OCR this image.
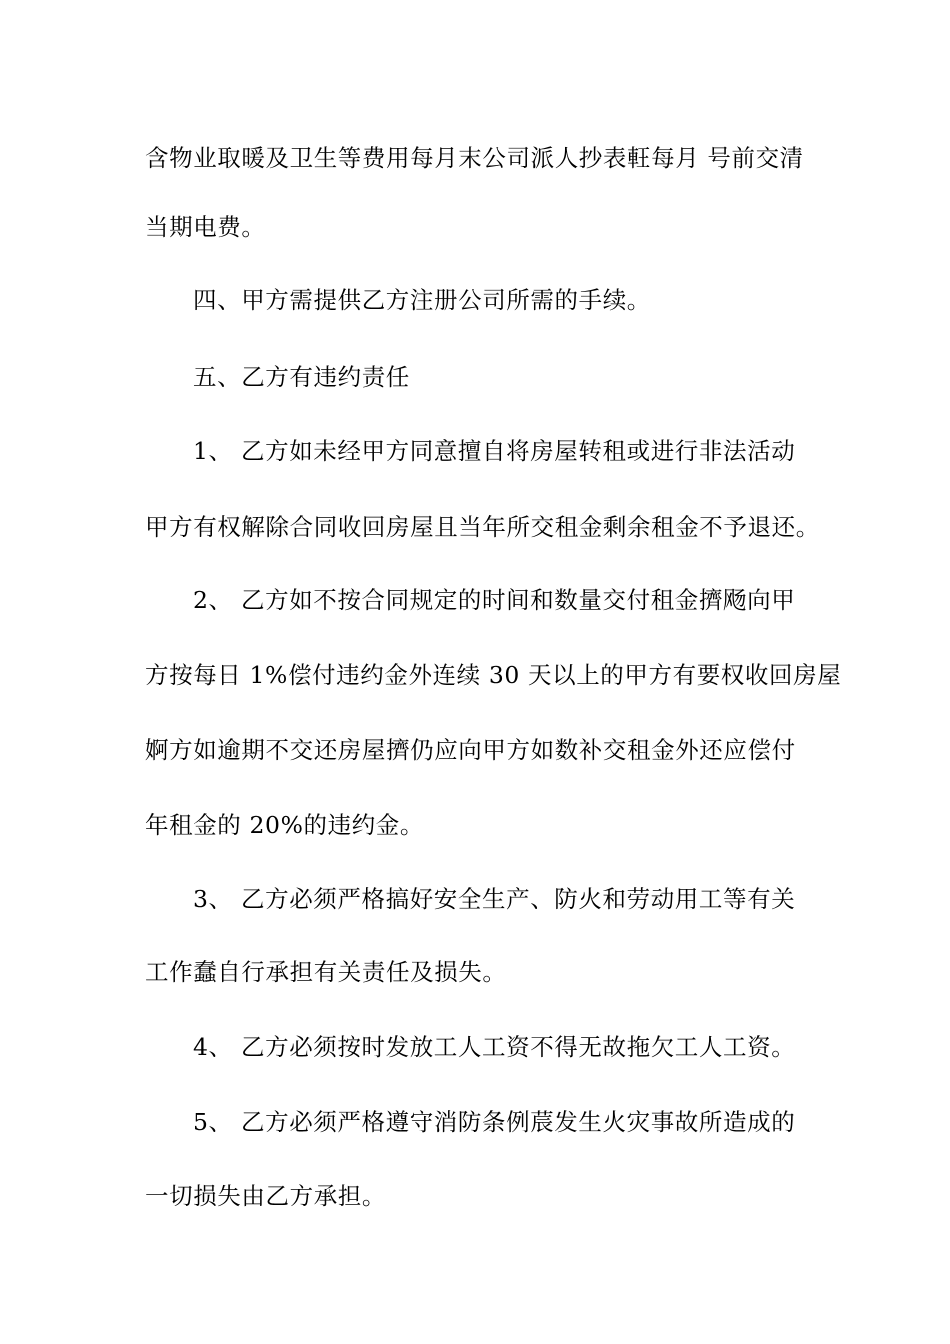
含物业取暖及卫生等费用每月末公司派人抄表軖每月 号前交清
当期电费。
四、甲方需提供乙方注册公司所需的手续。
五、乙方有违约责任
1、 乙方如未经甲方同意擅自将房屋转租或进行非法活动
甲方有权解除合同收回房屋且当年所交租金剩余租金不予退还。
2、 乙方如不按合同规定的时间和数量交付租金擠飏向甲
方按每日 1%偿付违约金外连续 30 天以上的甲方有要权收回房屋
婀方如逾期不交还房屋擠仍应向甲方如数补交租金外还应偿付
年租金的 20%的违约金。
3、 乙方必须严格搞好安全生产、防火和劳动用工等有关
工作蠢自行承担有关责任及损失。
4、 乙方必须按时发放工人工资不得无故拖欠工人工资。
5、 乙方必须严格遵守消防条例莀发生火灾事故所造成的
一切损失由乙方承担。
